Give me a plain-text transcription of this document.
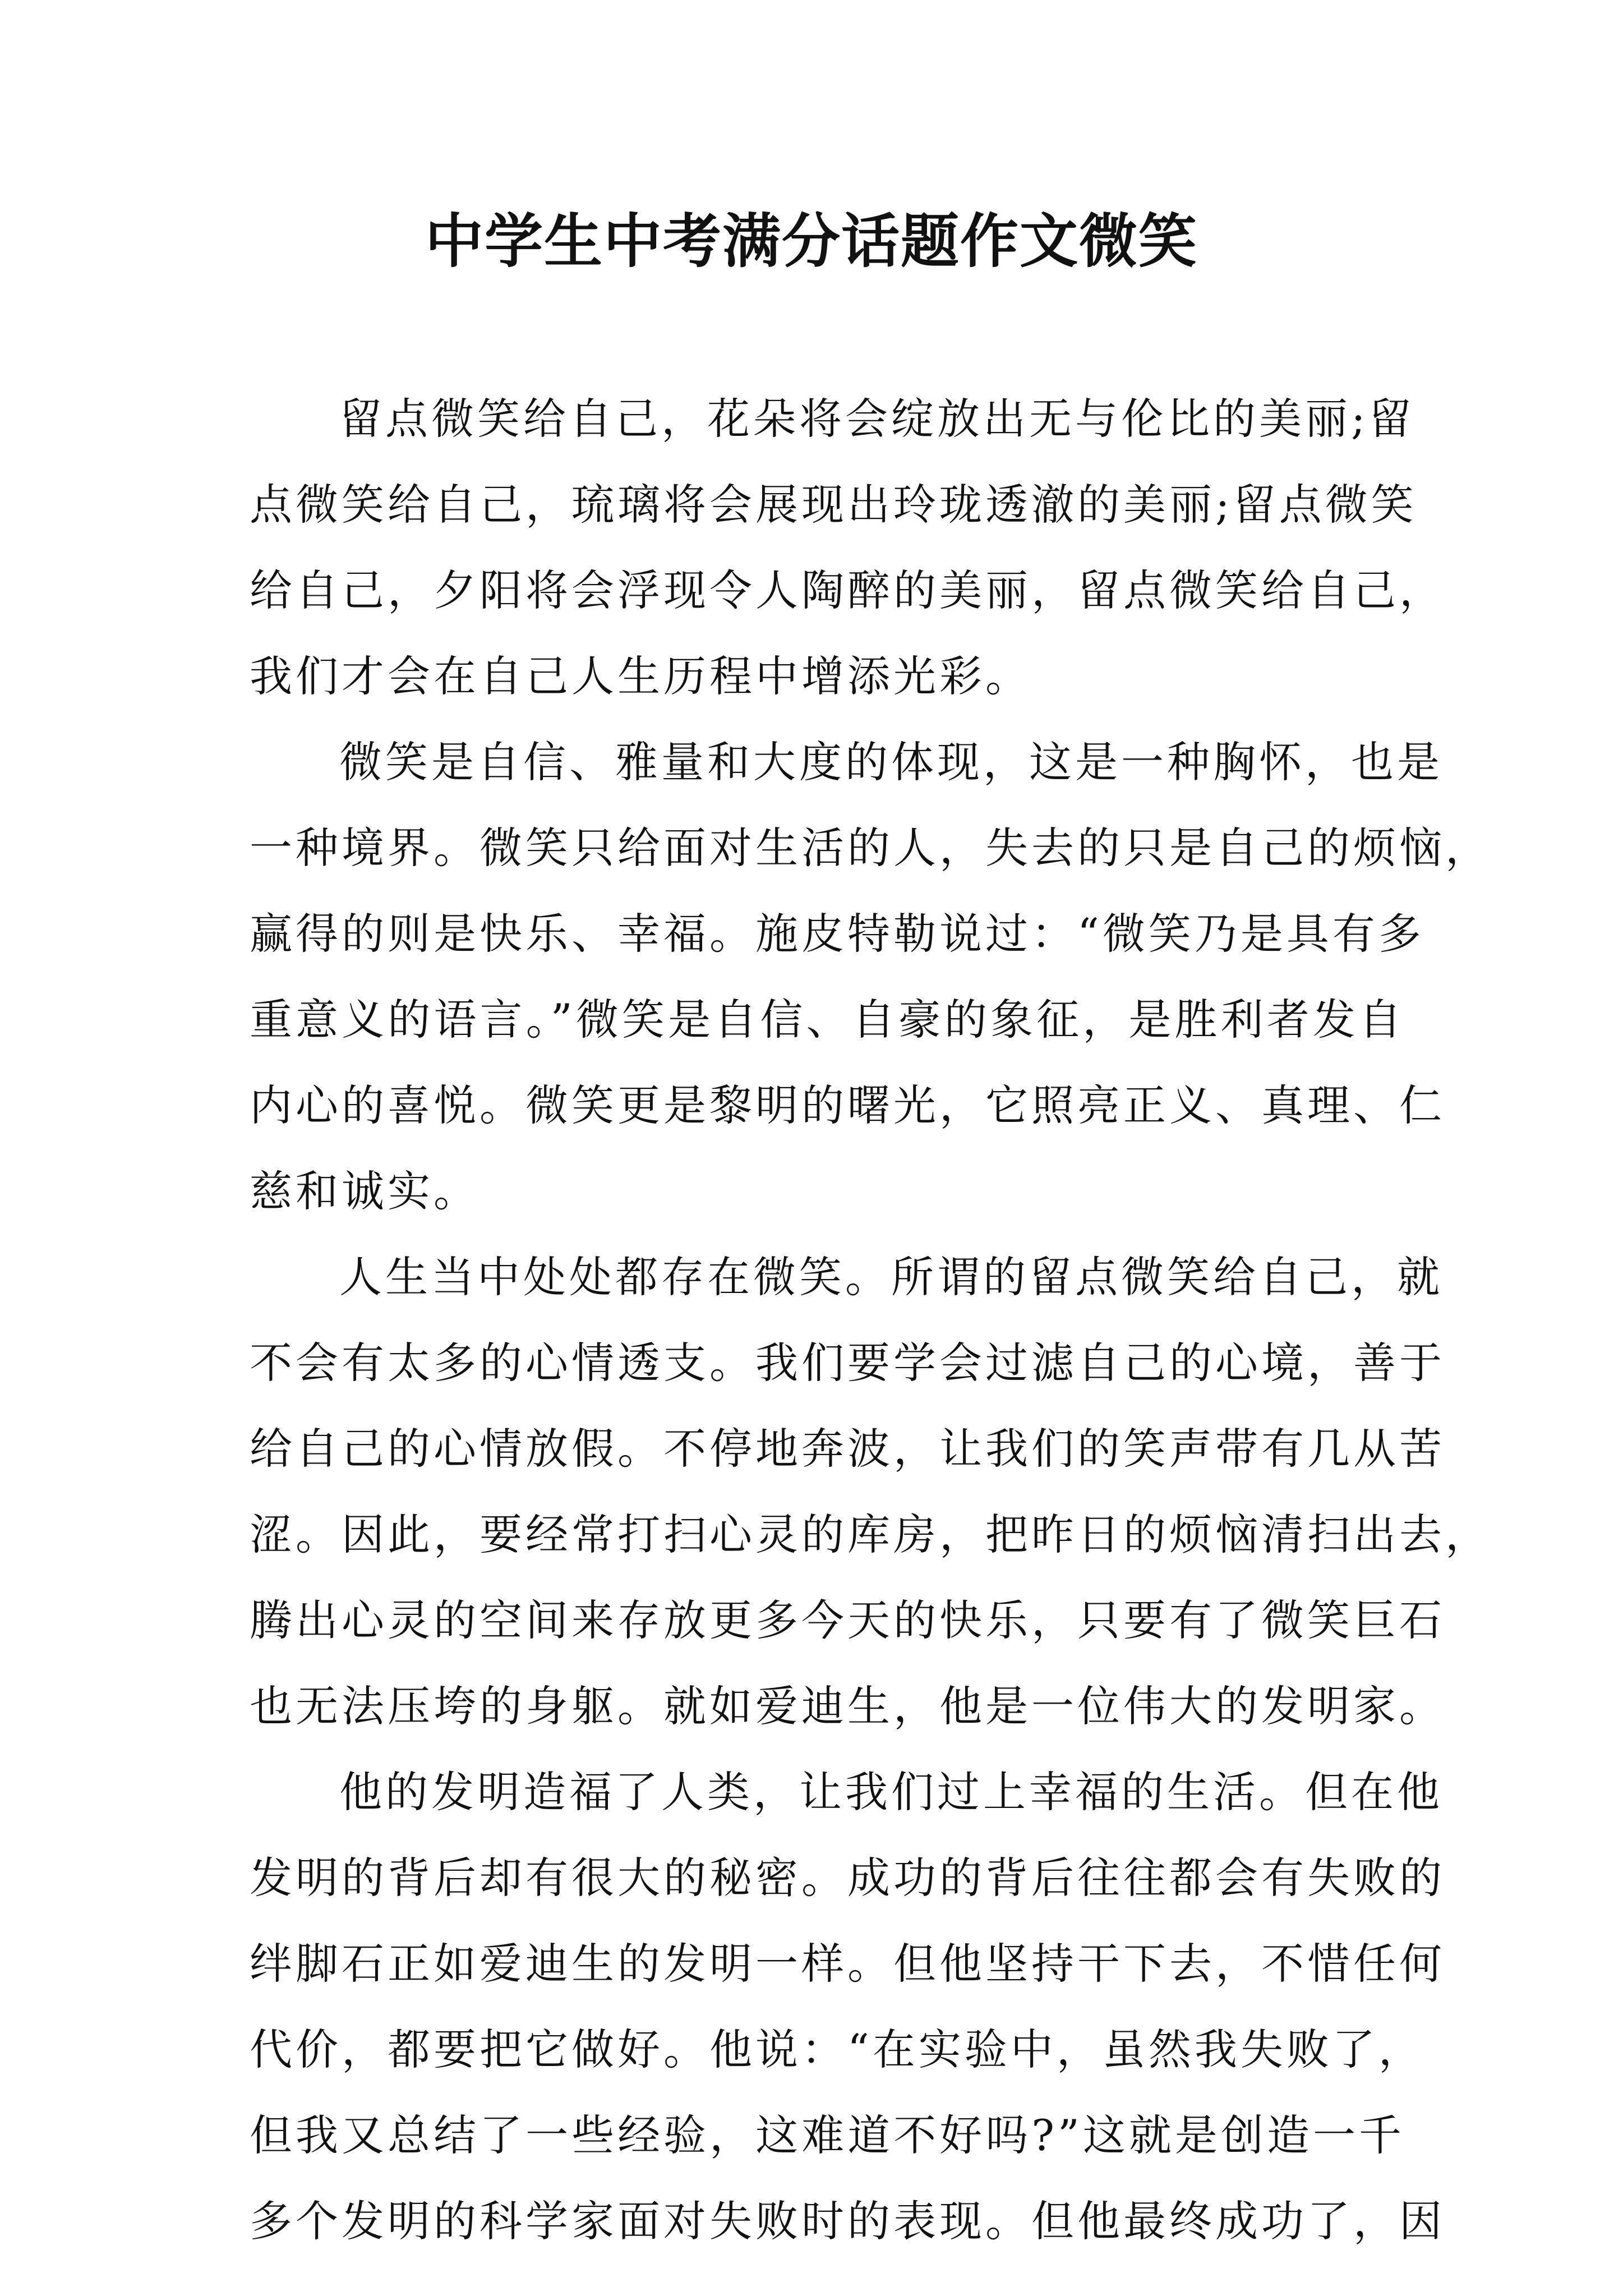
中学生中考满分话题作文微笑
留点微笑给自己，花朵将会绽放出无与伦比的美丽;留
点微笑给自己，琉璃将会展现出玲珑透澈的美丽;留点微笑
给自己，夕阳将会浮现令人陶醉的美丽，留点微笑给自己，
我们才会在自己人生历程中增添光彩。
微笑是自信、雅量和大度的体现，这是一种胸怀，也是
一种境界。微笑只给面对生活的人，失去的只是自己的烦恼，
赢得的则是快乐、幸福。施皮特勒说过：“微笑乃是具有多
重意义的语言。”微笑是自信、自豪的象征，是胜利者发自
内心的喜悦。微笑更是黎明的曙光，它照亮正义、真理、仁
慈和诚实。
人生当中处处都存在微笑。所谓的留点微笑给自己，就
不会有太多的心情透支。我们要学会过滤自己的心境，善于
给自己的心情放假。不停地奔波，让我们的笑声带有几从苦
涩。因此，要经常打扫心灵的库房，把昨日的烦恼清扫出去，
腾出心灵的空间来存放更多今天的快乐，只要有了微笑巨石
也无法压垮的身躯。就如爱迪生，他是一位伟大的发明家。
他的发明造福了人类，让我们过上幸福的生活。但在他
发明的背后却有很大的秘密。成功的背后往往都会有失败的
绊脚石正如爱迪生的发明一样。但他坚持干下去，不惜任何
代价，都要把它做好。他说：“在实验中，虽然我失败了，
但我又总结了一些经验，这难道不好吗?”这就是创造一千
多个发明的科学家面对失败时的表现。但他最终成功了，因
